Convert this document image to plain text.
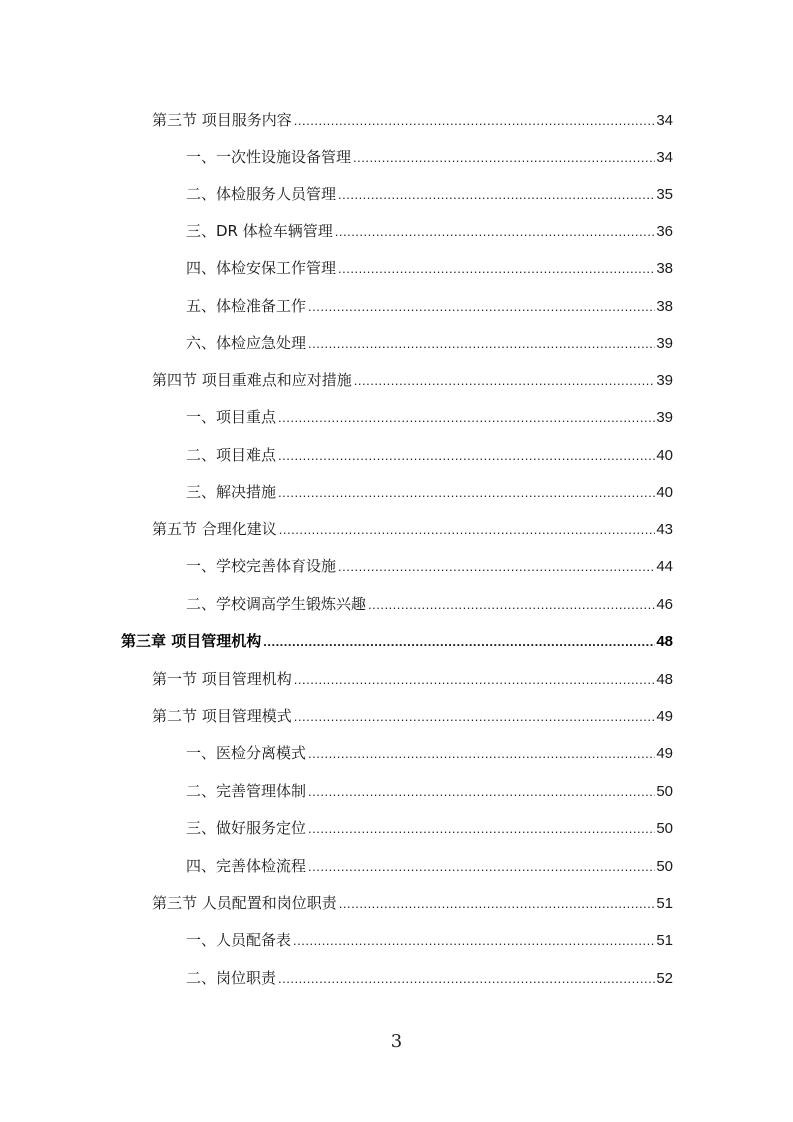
第三节 项目服务内容 .....	34
一、一次性设施设备管理 .....	34
二、体检服务人员管理 .....	35
三、DR 体检车辆管理 .....	36
四、体检安保工作管理 .....	38
五、体检准备工作 .....	38
六、体检应急处理 .....	39
第四节 项目重难点和应对措施 .....	39
一、项目重点 .....	39
二、项目难点 .....	40
三、解决措施 .....	40
第五节 合理化建议 .....	43
一、学校完善体育设施 .....	44
二、学校调高学生锻炼兴趣 .....	46
第三章 项目管理机构 .....	48
第一节 项目管理机构 .....	48
第二节 项目管理模式 .....	49
一、医检分离模式 .....	49
二、完善管理体制 .....	50
三、做好服务定位 .....	50
四、完善体检流程 .....	50
第三节 人员配置和岗位职责 .....	51
一、人员配备表 .....	51
二、岗位职责 .....	52
3
